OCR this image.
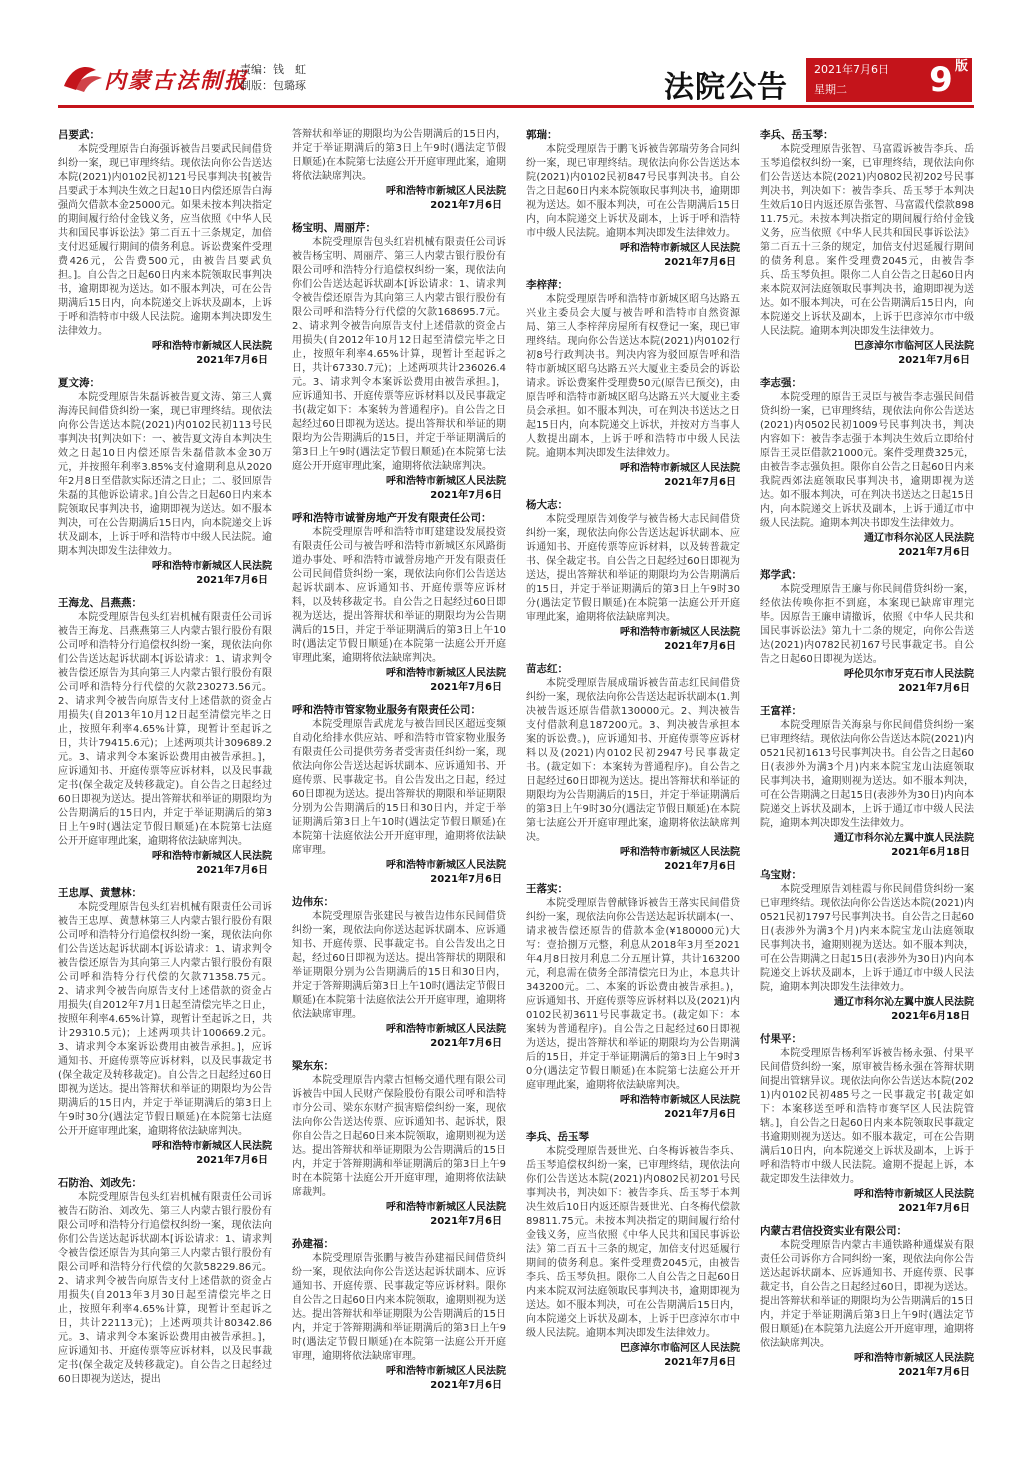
内蒙古法制报
责编：钱　虹
制版：包璐琢	法院公告
2021年7月6日
星期二	9 版
吕要武：
本院受理原告白海强诉被告吕要武民间借贷纠纷一案，现已审理终结。现依法向你公告送达本院(2021)内0102民初121号民事判决书[被告吕要武于本判决生效之日起10日内偿还原告白海强尚欠借款本金25000元。如果未按本判决指定的期间履行给付金钱义务，应当依照《中华人民共和国民事诉讼法》第二百五十三条规定，加倍支付迟延履行期间的债务利息。诉讼费案件受理费426元，公告费500元，由被告吕要武负担。]。自公告之日起60日内来本院领取民事判决书，逾期即视为送达。如不服本判决，可在公告期满后15日内，向本院递交上诉状及副本，上诉于呼和浩特市中级人民法院。逾期本判决即发生法律效力。
呼和浩特市新城区人民法院
2021年7月6日
夏文涛：
本院受理原告朱磊诉被告夏文涛、第三人冀海涛民间借贷纠纷一案，现已审理终结。现依法向你公告送达本院(2021)内0102民初113号民事判决书[判决如下：一、被告夏文涛自本判决生效之日起10日内偿还原告朱磊借款本金30万元，并按照年利率3.85%支付逾期利息从2020年2月8日至借款实际还清之日止；二、驳回原告朱磊的其他诉讼请求。]自公告之日起60日内来本院领取民事判决书，逾期即视为送达。如不服本判决，可在公告期满后15日内，向本院递交上诉状及副本，上诉于呼和浩特市中级人民法院。逾期本判决即发生法律效力。
呼和浩特市新城区人民法院
2021年7月6日
王海龙、吕燕燕：
本院受理原告包头红岩机械有限责任公司诉被告王海龙、吕燕燕第三人内蒙古银行股份有限公司呼和浩特分行追偿权纠纷一案，现依法向你们公告送达起诉状副本[诉讼请求：1、请求判令被告偿还原告为其向第三人内蒙古银行股份有限公司呼和浩特分行代偿的欠款230273.56元。2、请求判令被告向原告支付上述借款的资金占用损失(自2013年10月12日起至清偿完毕之日止，按照年利率4.65%计算，现暂计至起诉之日，共计79415.6元)；上述两项共计309689.2元。3、请求判令本案诉讼费用由被告承担。]，应诉通知书、开庭传票等应诉材料，以及民事裁定书(保全裁定及转移裁定)。自公告之日起经过60日即视为送达。提出答辩状和举证的期限均为公告期满后的15日内，并定于举证期满后的第3日上午9时(遇法定节假日顺延)在本院第七法庭公开开庭审理此案，逾期将依法缺席判决。
呼和浩特市新城区人民法院
2021年7月6日
王忠厚、黄慧林：
本院受理原告包头红岩机械有限责任公司诉被告王忠厚、黄慧林第三人内蒙古银行股份有限公司呼和浩特分行追偿权纠纷一案，现依法向你们公告送达起诉状副本[诉讼请求：1、请求判令被告偿还原告为其向第三人内蒙古银行股份有限公司呼和浩特分行代偿的欠款71358.75元。2、请求判令被告向原告支付上述借款的资金占用损失(自2012年7月1日起至清偿完毕之日止，按照年利率4.65%计算，现暂计至起诉之日，共计29310.5元)；上述两项共计100669.2元。3、请求判令本案诉讼费用由被告承担。]，应诉通知书、开庭传票等应诉材料，以及民事裁定书(保全裁定及转移裁定)。自公告之日起经过60日即视为送达。提出答辩状和举证的期限均为公告期满后的15日内，并定于举证期满后的第3日上午9时30分(遇法定节假日顺延)在本院第七法庭公开开庭审理此案，逾期将依法缺席判决。
呼和浩特市新城区人民法院
2021年7月6日
石防治、刘改先：
本院受理原告包头红岩机械有限责任公司诉被告石防治、刘改先、第三人内蒙古银行股份有限公司呼和浩特分行追偿权纠纷一案，现依法向你们公告送达起诉状副本[诉讼请求：1、请求判令被告偿还原告为其向第三人内蒙古银行股份有限公司呼和浩特分行代偿的欠款58229.86元。2、请求判令被告向原告支付上述借款的资金占用损失(自2013年3月30日起至清偿完毕之日止，按照年利率4.65%计算，现暂计至起诉之日，共计22113元)；上述两项共计80342.86元。3、请求判令本案诉讼费用由被告承担。]，应诉通知书、开庭传票等应诉材料，以及民事裁定书(保全裁定及转移裁定)。自公告之日起经过60日即视为送达，提出
答辩状和举证的期限均为公告期满后的15日内，并定于举证期满后的第3日上午9时(遇法定节假日顺延)在本院第七法庭公开开庭审理此案，逾期将依法缺席判决。
呼和浩特市新城区人民法院
2021年7月6日
杨宝明、周丽芹：
本院受理原告包头红岩机械有限责任公司诉被告杨宝明、周丽芹、第三人内蒙古银行股份有限公司呼和浩特分行追偿权纠纷一案，现依法向你们公告送达起诉状副本[诉讼请求：1、请求判令被告偿还原告为其向第三人内蒙古银行股份有限公司呼和浩特分行代偿的欠款168695.7元。2、请求判令被告向原告支付上述借款的资金占用损失(自2012年10月12日起至清偿完毕之日止，按照年利率4.65%计算，现暂计至起诉之日，共计67330.7元)；上述两项共计236026.4元。3、请求判令本案诉讼费用由被告承担。]，应诉通知书、开庭传票等应诉材料以及民事裁定书(裁定如下：本案转为普通程序)。自公告之日起经过60日即视为送达。提出答辩状和举证的期限均为公告期满后的15日，并定于举证期满后的第3日上午9时(遇法定节假日顺延)在本院第七法庭公开开庭审理此案，逾期将依法缺席判决。
呼和浩特市新城区人民法院
2021年7月6日
呼和浩特市诚誉房地产开发有限责任公司：
本院受理原告呼和浩特市町建建设发展投资有限责任公司与被告呼和浩特市新城区东风路街道办事处、呼和浩特市诚誉房地产开发有限责任公司民间借贷纠纷一案，现依法向你们公告送达起诉状副本、应诉通知书、开庭传票等应诉材料，以及转移裁定书。自公告之日起经过60日即视为送达，提出答辩状和举证的期限均为公告期满后的15日，并定于举证期满后的第3日上午10时(遇法定节假日顺延)在本院第一法庭公开开庭审理此案，逾期将依法缺席判决。
呼和浩特市新城区人民法院
2021年7月6日
呼和浩特市管家物业服务有限责任公司：
本院受理原告武虎龙与被告回民区超远变频自动化给排水供应站、呼和浩特市管家物业服务有限责任公司提供劳务者受害责任纠纷一案，现依法向你公告送达起诉状副本、应诉通知书、开庭传票、民事裁定书。自公告发出之日起，经过60日即视为送达。提出答辩状的期限和举证期限分别为公告期满后的15日和30日内，并定于举证期满后第3日上午10时(遇法定节假日顺延)在本院第十法庭依法公开开庭审理，逾期将依法缺席审理。
呼和浩特市新城区人民法院
2021年7月6日
边伟东：
本院受理原告张建民与被告边伟东民间借贷纠纷一案，现依法向你送达起诉状副本、应诉通知书、开庭传票、民事裁定书。自公告发出之日起，经过60日即视为送达。提出答辩状的期限和举证期限分别为公告期满后的15日和30日内，并定于答辩期满后第3日上午10时(遇法定节假日顺延)在本院第十法庭依法公开开庭审理，逾期将依法缺席审理。
呼和浩特市新城区人民法院
2021年7月6日
梁东东：
本院受理原告内蒙古恒畅交通代理有限公司诉被告中国人民财产保险股份有限公司呼和浩特市分公司、梁东东财产损害赔偿纠纷一案，现依法向你公告送达传票、应诉通知书、起诉状，限你自公告之日起60日来本院领取，逾期则视为送达。提出答辩状和举证期限为公告期满后的15日内，并定于答辩期满和举证期满后的第3日上午9时在本院第十法庭公开开庭审理，逾期将依法缺席裁判。
呼和浩特市新城区人民法院
2021年7月6日
孙建福：
本院受理原告张鹏与被告孙建福民间借贷纠纷一案，现依法向你公告送达起诉状副本、应诉通知书、开庭传票、民事裁定等应诉材料。限你自公告之日起60日内来本院领取，逾期则视为送达。提出答辩状和举证期限为公告期满后的15日内，并定于答辩期满和举证期满后的第3日上午9时(遇法定节假日顺延)在本院第一法庭公开开庭审理，逾期将依法缺席审理。
呼和浩特市新城区人民法院
2021年7月6日
郭瑞：
本院受理原告于鹏飞诉被告郭瑞劳务合同纠纷一案，现已审理终结。现依法向你公告送达本院(2021)内0102民初847号民事判决书。自公告之日起60日内来本院领取民事判决书，逾期即视为送达。如不服本判决，可在公告期满后15日内，向本院递交上诉状及副本，上诉于呼和浩特市中级人民法院。逾期本判决即发生法律效力。
呼和浩特市新城区人民法院
2021年7月6日
李梓萍：
本院受理原告呼和浩特市新城区昭乌达路五兴业主委员会大厦与被告呼和浩特市自然资源局、第三人李梓萍房屋所有权登记一案，现已审理终结。现向你公告送达本院(2021)内0102行初8号行政判决书。判决内容为驳回原告呼和浩特市新城区昭乌达路五兴大厦业主委员会的诉讼请求。诉讼费案件受理费50元(原告已预交)，由原告呼和浩特市新城区昭乌达路五兴大厦业主委员会承担。如不服本判决，可在判决书送达之日起15日内，向本院递交上诉状，并按对方当事人人数提出副本，上诉于呼和浩特市中级人民法院。逾期本判决即发生法律效力。
呼和浩特市新城区人民法院
2021年7月6日
杨大志：
本院受理原告刘俊学与被告杨大志民间借贷纠纷一案，现依法向你公告送达起诉状副本、应诉通知书、开庭传票等应诉材料，以及转普裁定书、保全裁定书。自公告之日起经过60日即视为送达，提出答辩状和举证的期限均为公告期满后的15日，并定于举证期满后的第3日上午9时30分(遇法定节假日顺延)在本院第一法庭公开开庭审理此案，逾期将依法缺席判决。
呼和浩特市新城区人民法院
2021年7月6日
苗志红：
本院受理原告展成瑞诉被告苗志红民间借贷纠纷一案，现依法向你公告送达起诉状副本(1.判决被告返还原告借款130000元。2、判决被告支付借款利息187200元。3、判决被告承担本案的诉讼费。)，应诉通知书、开庭传票等应诉材料以及(2021)内0102民初2947号民事裁定书。(裁定如下：本案转为普通程序)。自公告之日起经过60日即视为送达。提出答辩状和举证的期限均为公告期满后的15日，并定于举证期满后的第3日上午9时30分(遇法定节假日顺延)在本院第七法庭公开开庭审理此案，逾期将依法缺席判决。
呼和浩特市新城区人民法院
2021年7月6日
王落实：
本院受理原告曾献锋诉被告王落实民间借贷纠纷一案，现依法向你公告送达起诉状副本(一、请求被告偿还原告的借款本金(¥180000元)大写：壹拾捌万元整，利息从2018年3月至2021年4月8日按月利息二分五厘计算，共计163200元，利息需在债务全部清偿完日为止，本息共计343200元。二、本案的诉讼费由被告承担。)，应诉通知书、开庭传票等应诉材料以及(2021)内0102民初3611号民事裁定书。(裁定如下：本案转为普通程序)。自公告之日起经过60日即视为送达，提出答辩状和举证的期限均为公告期满后的15日，并定于举证期满后的第3日上午9时30分(遇法定节假日顺延)在本院第七法庭公开开庭审理此案，逾期将依法缺席判决。
呼和浩特市新城区人民法院
2021年7月6日
李兵、岳玉琴
本院受理原告聂世光、白冬梅诉被告李兵、岳玉琴追偿权纠纷一案，已审理终结，现依法向你们公告送达本院(2021)内0802民初201号民事判决书，判决如下：被告李兵、岳玉琴于本判决生效后10日内返还原告聂世光、白冬梅代偿款89811.75元。未按本判决指定的期间履行给付金钱义务，应当依照《中华人民共和国民事诉讼法》第二百五十三条的规定，加倍支付迟延履行期间的债务利息。案件受理费2045元，由被告李兵、岳玉琴负担。限你二人自公告之日起60日内来本院双河法庭领取民事判决书，逾期即视为送达。如不服本判决，可在公告期满后15日内，向本院递交上诉状及副本，上诉于巴彦淖尔市中级人民法院。逾期本判决即发生法律效力。
巴彦淖尔市临河区人民法院
2021年7月6日
李兵、岳玉琴：
本院受理原告张智、马富霞诉被告李兵、岳玉琴追偿权纠纷一案，已审理终结，现依法向你们公告送达本院(2021)内0802民初202号民事判决书，判决如下：被告李兵、岳玉琴于本判决生效后10日内返还原告张智、马富霞代偿款89811.75元。未按本判决指定的期间履行给付金钱义务，应当依照《中华人民共和国民事诉讼法》第二百五十三条的规定，加倍支付迟延履行期间的债务利息。案件受理费2045元，由被告李兵、岳玉琴负担。限你二人自公告之日起60日内来本院双河法庭领取民事判决书，逾期即视为送达。如不服本判决，可在公告期满后15日内，向本院递交上诉状及副本，上诉于巴彦淖尔市中级人民法院。逾期本判决即发生法律效力。
巴彦淖尔市临河区人民法院
2021年7月6日
李志强：
本院受理的原告王灵臣与被告李志强民间借贷纠纷一案，已审理终结，现依法向你公告送达(2021)内0502民初1009号民事判决书，判决内容如下：被告李志强于本判决生效后立即给付原告王灵臣借款21000元。案件受理费325元，由被告李志强负担。限你自公告之日起60日内来我院西郊法庭领取民事判决书，逾期即视为送达。如不服本判决，可在判决书送达之日起15日内，向本院递交上诉状及副本，上诉于通辽市中级人民法院。逾期本判决书即发生法律效力。
通辽市科尔沁区人民法院
2021年7月6日
郑学武：
本院受理原告王廉与你民间借贷纠纷一案，经依法传唤你拒不到庭，本案现已缺席审理完毕。因原告王廉申请撤诉，依照《中华人民共和国民事诉讼法》第九十二条的规定，向你公告送达(2021)内0782民初167号民事裁定书。自公告之日起60日即视为送达。
呼伦贝尔市牙克石市人民法院
2021年7月6日
王富祥：
本院受理原告关海泉与你民间借贷纠纷一案已审理终结。现依法向你公告送达本院(2021)内0521民初1613号民事判决书。自公告之日起60日(表涉外为满3个月)内来本院宝龙山法庭领取民事判决书，逾期则视为送达。如不服本判决，可在公告期满之日起15日(表涉外为30日)内向本院递交上诉状及副本，上诉于通辽市中级人民法院，逾期本判决即发生法律效力。
通辽市科尔沁左翼中旗人民法院
2021年6月18日
乌宝财：
本院受理原告刘桂霞与你民间借贷纠纷一案已审理终结。现依法向你公告送达本院(2021)内0521民初1797号民事判决书。自公告之日起60日(表涉外为满3个月)内来本院宝龙山法庭领取民事判决书，逾期则视为送达。如不服本判决，可在公告期满之日起15日(表涉外为30日)内向本院递交上诉状及副本，上诉于通辽市中级人民法院，逾期本判决即发生法律效力。
通辽市科尔沁左翼中旗人民法院
2021年6月18日
付果平：
本院受理原告杨利军诉被告杨永强、付果平民间借贷纠纷一案，原审被告杨永强在答辩状期间提出管辖异议。现依法向你公告送达本院(2021)内0102民初485号之一民事裁定书[裁定如下：本案移送至呼和浩特市赛罕区人民法院管辖。]，自公告之日起60日内来本院领取民事裁定书逾期则视为送达。如不服本裁定，可在公告期满后10日内，向本院递交上诉状及副本，上诉于呼和浩特市中级人民法院。逾期不提起上诉，本裁定即发生法律效力。
呼和浩特市新城区人民法院
2021年7月6日
内蒙古君信投资实业有限公司：
本院受理原告内蒙古丰通铁路种通煤炭有限责任公司诉你方合同纠纷一案，现依法向你公告送达起诉状副本、应诉通知书、开庭传票、民事裁定书，自公告之日起经过60日，即视为送达。提出答辩状和举证的期限均为公告期满后的15日内，并定于举证期满后第3日上午9时(遇法定节假日顺延)在本院第九法庭公开开庭审理，逾期将依法缺席判决。
呼和浩特市新城区人民法院
2021年7月6日
